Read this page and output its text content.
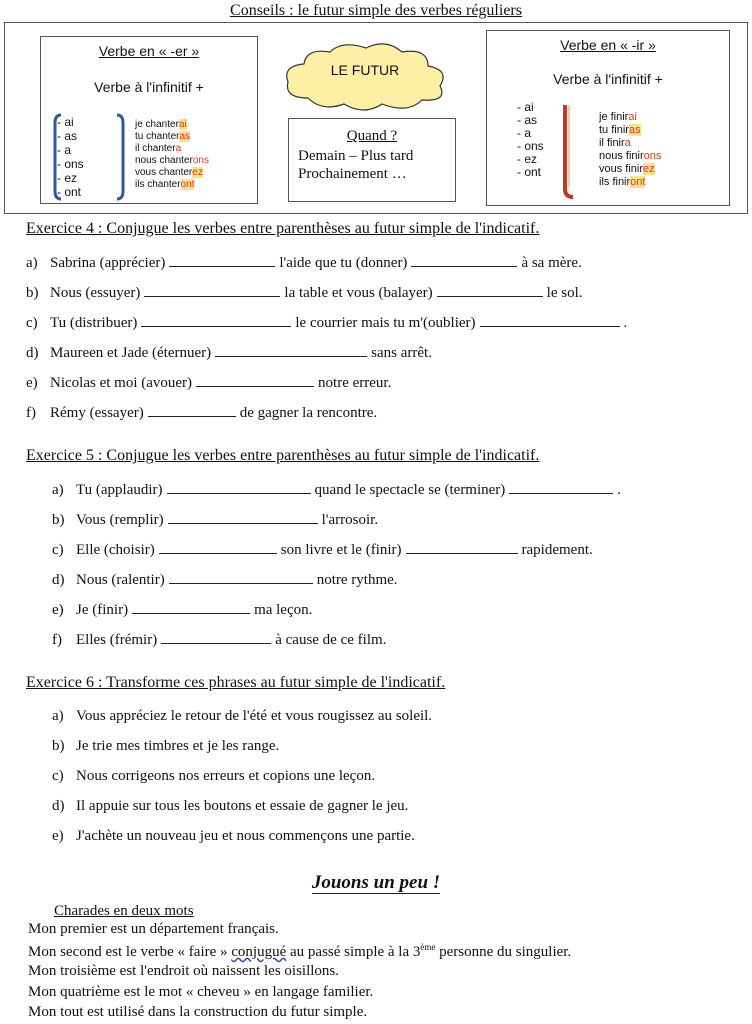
Conseils : le futur simple des verbes réguliers
Verbe en « -er »
Verbe à l'infinitif +
- ai
- as
- a
- ons
- ez
- ont
je chanterai
tu chanteras
il chantera
nous chanterons
vous chanterez
ils chanteront
LE FUTUR
Quand ?
Demain – Plus tard
Prochainement …
Verbe en « -ir »
Verbe à l'infinitif +
- ai
- as
- a
- ons
- ez
- ont
je finirai
tu finiras
il finira
nous finirons
vous finirez
ils finiront
Exercice 4 : Conjugue les verbes entre parenthèses au futur simple de l'indicatif.
a) Sabrina (apprécier)	l'aide que tu (donner)	à sa mère.
b) Nous (essuyer)	la table et vous (balayer)	le sol.
c) Tu (distribuer)	le courrier mais tu m'(oublier)	.
d) Maureen et Jade (éternuer)	sans arrêt.
e) Nicolas et moi (avouer)	notre erreur.
f) Rémy (essayer)	de gagner la rencontre.
Exercice 5 : Conjugue les verbes entre parenthèses au futur simple de l'indicatif.
a) Tu (applaudir)	quand le spectacle se (terminer)	.
b) Vous (remplir)	l'arrosoir.
c) Elle (choisir)	son livre et le (finir)	rapidement.
d) Nous (ralentir)	notre rythme.
e) Je (finir)	ma leçon.
f) Elles (frémir)	à cause de ce film.
Exercice 6 : Transforme ces phrases au futur simple de l'indicatif.
a) Vous appréciez le retour de l'été et vous rougissez au soleil.
b) Je trie mes timbres et je les range.
c) Nous corrigeons nos erreurs et copions une leçon.
d) Il appuie sur tous les boutons et essaie de gagner le jeu.
e) J'achète un nouveau jeu et nous commençons une partie.
Jouons un peu !
Charades en deux mots
Mon premier est un département français.
Mon second est le verbe « faire » conjugué au passé simple à la 3ème personne du singulier.
Mon troisième est l'endroit où naissent les oisillons.
Mon quatrième est le mot « cheveu » en langage familier.
Mon tout est utilisé dans la construction du futur simple.
